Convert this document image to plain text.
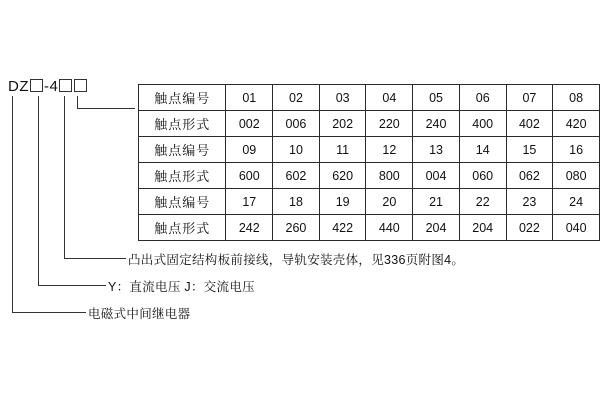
DZ -4
触点编号	01	02	03	04	05	06	07	08
触点形式	002	006	202	220	240	400	402	420
触点编号	09	10	11	12	13	14	15	16
触点形式	600	602	620	800	004	060	062	080
触点编号	17	18	19	20	21	22	23	24
触点形式	242	260	422	440	204	204	022	040
凸出式固定结构板前接线，导轨安装壳体，见336页附图4。
Y：直流电压 J：交流电压
电磁式中间继电器
